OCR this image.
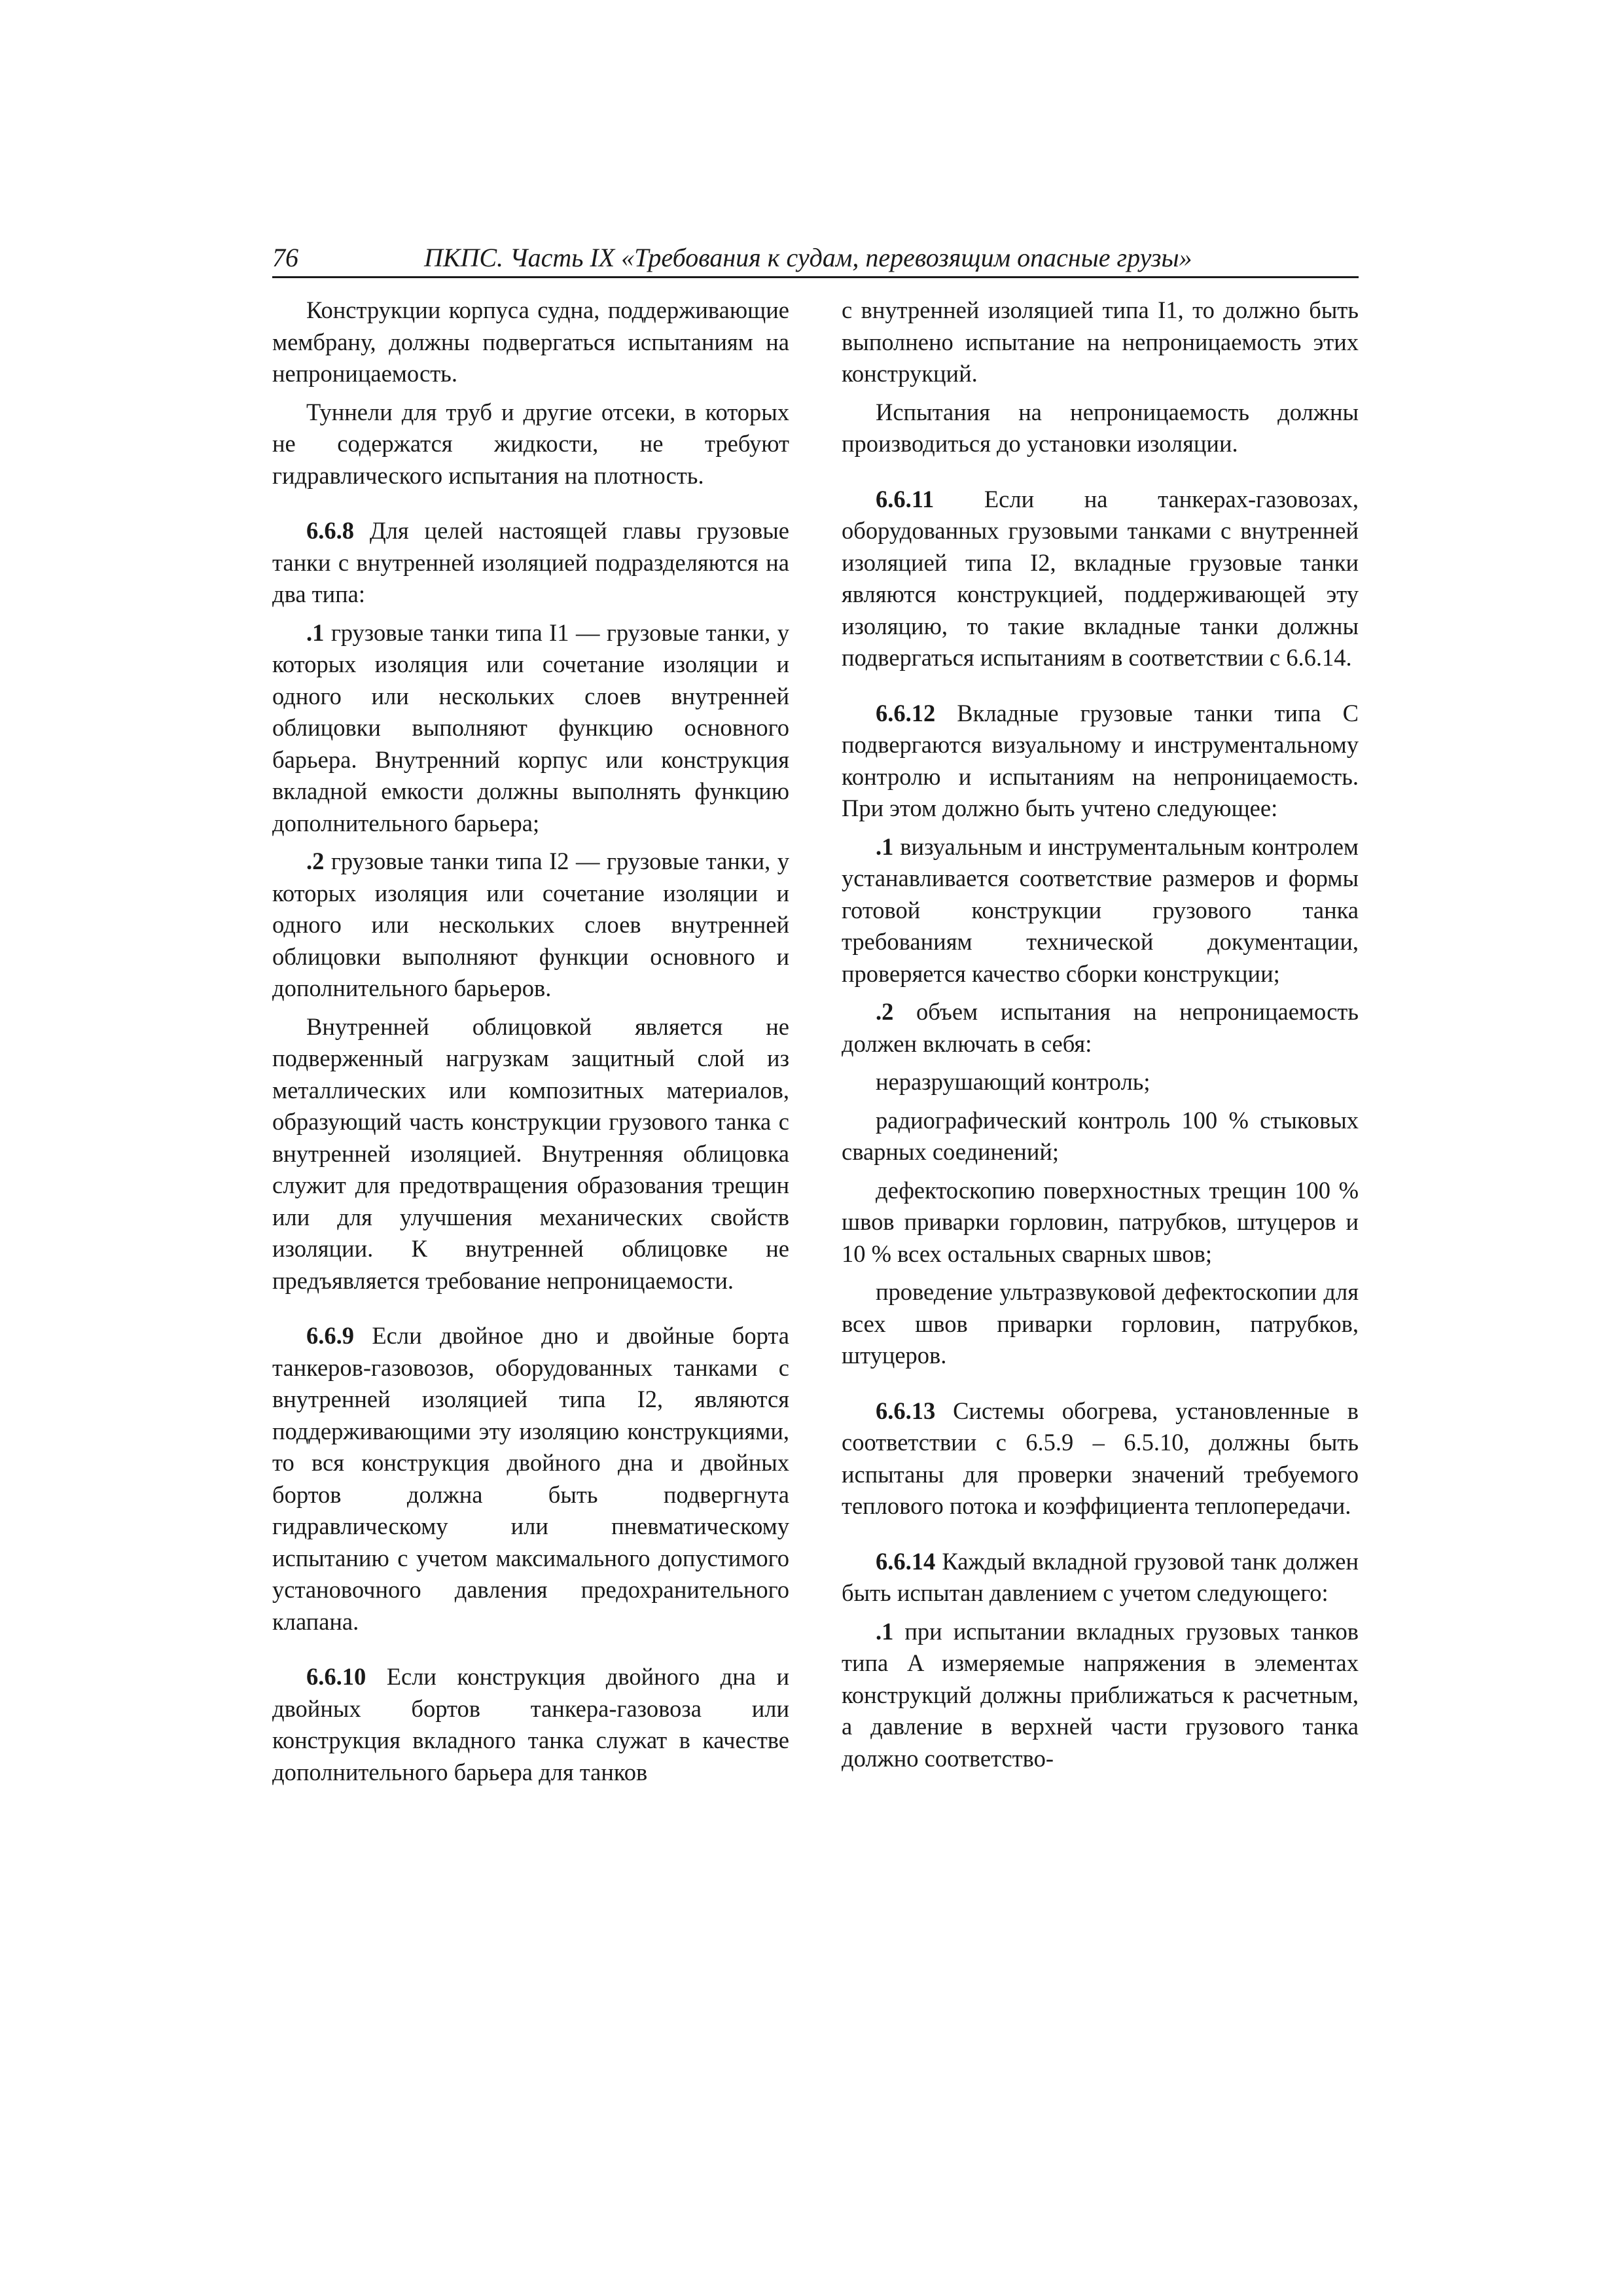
76	ПКПС. Часть IX «Требования к судам, перевозящим опасные грузы»

Конструкции корпуса судна, поддерживающие мембрану, должны подвергаться испытаниям на непроницаемость.

Туннели для труб и другие отсеки, в которых не содержатся жидкости, не требуют гидравлического испытания на плотность.

6.6.8 Для целей настоящей главы грузовые танки с внутренней изоляцией подразделяются на два типа:

.1 грузовые танки типа I1 — грузовые танки, у которых изоляция или сочетание изоляции и одного или нескольких слоев внутренней облицовки выполняют функцию основного барьера. Внутренний корпус или конструкция вкладной емкости должны выполнять функцию дополнительного барьера;

.2 грузовые танки типа I2 — грузовые танки, у которых изоляция или сочетание изоляции и одного или нескольких слоев внутренней облицовки выполняют функции основного и дополнительного барьеров.

Внутренней облицовкой является не подверженный нагрузкам защитный слой из металлических или композитных материалов, образующий часть конструкции грузового танка с внутренней изоляцией. Внутренняя облицовка служит для предотвращения образования трещин или для улучшения механических свойств изоляции. К внутренней облицовке не предъявляется требование непроницаемости.

6.6.9 Если двойное дно и двойные борта танкеров-газовозов, оборудованных танками с внутренней изоляцией типа I2, являются поддерживающими эту изоляцию конструкциями, то вся конструкция двойного дна и двойных бортов должна быть подвергнута гидравлическому или пневматическому испытанию с учетом максимального допустимого установочного давления предохранительного клапана.

6.6.10 Если конструкция двойного дна и двойных бортов танкера-газовоза или конструкция вкладного танка служат в качестве дополнительного барьера для танков

с внутренней изоляцией типа I1, то должно быть выполнено испытание на непроницаемость этих конструкций.

Испытания на непроницаемость должны производиться до установки изоляции.

6.6.11 Если на танкерах-газовозах, оборудованных грузовыми танками с внутренней изоляцией типа I2, вкладные грузовые танки являются конструкцией, поддерживающей эту изоляцию, то такие вкладные танки должны подвергаться испытаниям в соответствии с 6.6.14.

6.6.12 Вкладные грузовые танки типа C подвергаются визуальному и инструментальному контролю и испытаниям на непроницаемость. При этом должно быть учтено следующее:

.1 визуальным и инструментальным контролем устанавливается соответствие размеров и формы готовой конструкции грузового танка требованиям технической документации, проверяется качество сборки конструкции;

.2 объем испытания на непроницаемость должен включать в себя:

неразрушающий контроль;

радиографический контроль 100 % стыковых сварных соединений;

дефектоскопию поверхностных трещин 100 % швов приварки горловин, патрубков, штуцеров и 10 % всех остальных сварных швов;

проведение ультразвуковой дефектоскопии для всех швов приварки горловин, патрубков, штуцеров.

6.6.13 Системы обогрева, установленные в соответствии с 6.5.9 – 6.5.10, должны быть испытаны для проверки значений требуемого теплового потока и коэффициента теплопередачи.

6.6.14 Каждый вкладной грузовой танк должен быть испытан давлением с учетом следующего:

.1 при испытании вкладных грузовых танков типа A измеряемые напряжения в элементах конструкций должны приближаться к расчетным, а давление в верхней части грузового танка должно соответство-
